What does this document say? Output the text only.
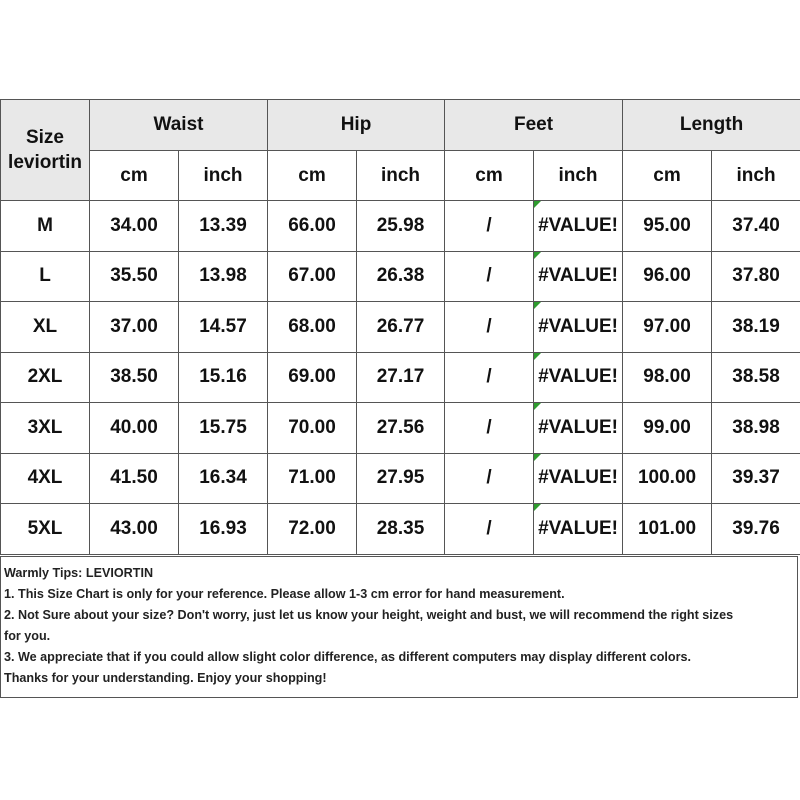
Size
leviortin	Waist		Hip		Feet		Length	
	cm	inch	cm	inch	cm	inch	cm	inch
M	34.00	13.39	66.00	25.98	/	#VALUE!	95.00	37.40
L	35.50	13.98	67.00	26.38	/	#VALUE!	96.00	37.80
XL	37.00	14.57	68.00	26.77	/	#VALUE!	97.00	38.19
2XL	38.50	15.16	69.00	27.17	/	#VALUE!	98.00	38.58
3XL	40.00	15.75	70.00	27.56	/	#VALUE!	99.00	38.98
4XL	41.50	16.34	71.00	27.95	/	#VALUE!	100.00	39.37
5XL	43.00	16.93	72.00	28.35	/	#VALUE!	101.00	39.76

Warmly Tips: LEVIORTIN

1. This Size Chart is only for your reference. Please allow 1-3 cm error for hand measurement.

2. Not Sure about your size? Don't worry, just let us know your height, weight and bust, we will recommend the right sizes

for you.

3. We appreciate that if you could allow slight color difference, as different computers may display different colors.

Thanks for your understanding. Enjoy your shopping!
